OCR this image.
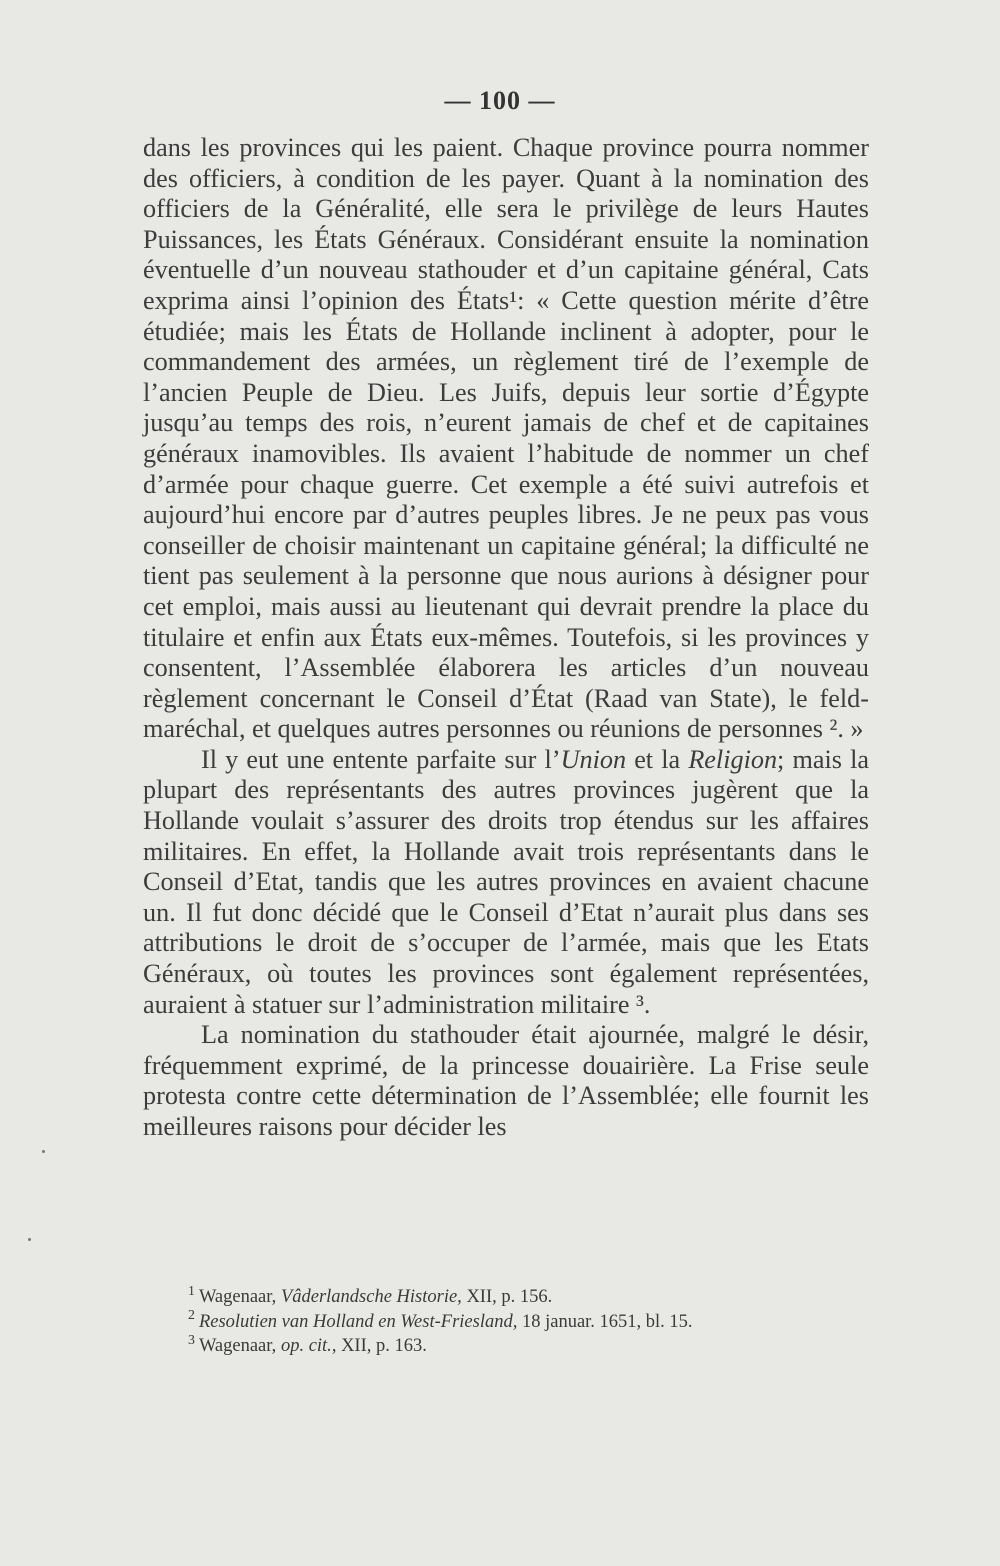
— 100 —

dans les provinces qui les paient. Chaque province pourra nommer des officiers, à condition de les payer. Quant à la nomination des officiers de la Généralité, elle sera le privilège de leurs Hautes Puissances, les États Généraux. Considérant ensuite la nomination éventuelle d’un nouveau stathouder et d’un capitaine général, Cats exprima ainsi l’opinion des États¹: « Cette question mérite d’être étudiée; mais les États de Hollande inclinent à adopter, pour le commandement des armées, un règlement tiré de l’exemple de l’ancien Peuple de Dieu. Les Juifs, depuis leur sortie d’Égypte jusqu’au temps des rois, n’eurent jamais de chef et de capitaines généraux inamovibles. Ils avaient l’habitude de nommer un chef d’armée pour chaque guerre. Cet exemple a été suivi autrefois et aujourd’hui encore par d’autres peuples libres. Je ne peux pas vous conseiller de choisir maintenant un capitaine général; la difficulté ne tient pas seulement à la personne que nous aurions à désigner pour cet emploi, mais aussi au lieutenant qui devrait prendre la place du titulaire et enfin aux États eux-mêmes. Toutefois, si les provinces y consentent, l’Assemblée élaborera les articles d’un nouveau règlement concernant le Conseil d’État (Raad van State), le feld-maréchal, et quelques autres personnes ou réunions de personnes ². »

Il y eut une entente parfaite sur l’Union et la Religion; mais la plupart des représentants des autres provinces jugèrent que la Hollande voulait s’assurer des droits trop étendus sur les affaires militaires. En effet, la Hollande avait trois représentants dans le Conseil d’Etat, tandis que les autres provinces en avaient chacune un. Il fut donc décidé que le Conseil d’Etat n’aurait plus dans ses attributions le droit de s’occuper de l’armée, mais que les Etats Généraux, où toutes les provinces sont également représentées, auraient à statuer sur l’administration militaire ³.

La nomination du stathouder était ajournée, malgré le désir, fréquemment exprimé, de la princesse douairière. La Frise seule protesta contre cette détermination de l’Assemblée; elle fournit les meilleures raisons pour décider les

$^1$ Wagenaar, Vâderlandsche Historie, XII, p. 156.
$^2$ Resolutien van Holland en West-Friesland, 18 januar. 1651, bl. 15.
$^3$ Wagenaar, op. cit., XII, p. 163.
